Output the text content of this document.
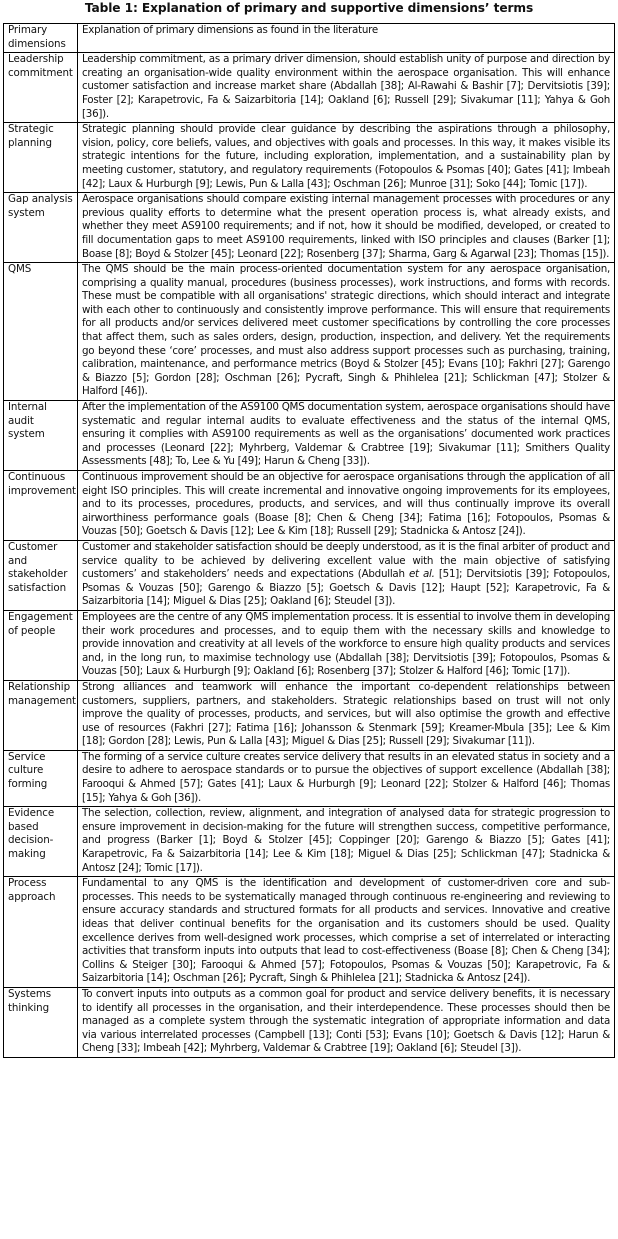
Table 1: Explanation of primary and supportive dimensions’ terms
Primary dimensions	Explanation of primary dimensions as found in the literature
Leadership commitment	Leadership commitment, as a primary driver dimension, should establish unity of purpose and direction by creating an organisation-wide quality environment within the aerospace organisation. This will enhance customer satisfaction and increase market share (Abdallah [38]; Al-Rawahi & Bashir [7]; Dervitsiotis [39]; Foster [2]; Karapetrovic, Fa & Saizarbitoria [14]; Oakland [6]; Russell [29]; Sivakumar [11]; Yahya & Goh [36]).
Strategic planning	Strategic planning should provide clear guidance by describing the aspirations through a philosophy, vision, policy, core beliefs, values, and objectives with goals and processes. In this way, it makes visible its strategic intentions for the future, including exploration, implementation, and a sustainability plan by meeting customer, statutory, and regulatory requirements (Fotopoulos & Psomas [40]; Gates [41]; Imbeah [42]; Laux & Hurburgh [9]; Lewis, Pun & Lalla [43]; Oschman [26]; Munroe [31]; Soko [44]; Tomic [17]).
Gap analysis system	Aerospace organisations should compare existing internal management processes with procedures or any previous quality efforts to determine what the present operation process is, what already exists, and whether they meet AS9100 requirements; and if not, how it should be modified, developed, or created to fill documentation gaps to meet AS9100 requirements, linked with ISO principles and clauses (Barker [1]; Boase [8]; Boyd & Stolzer [45]; Leonard [22]; Rosenberg [37]; Sharma, Garg & Agarwal [23]; Thomas [15]).
QMS	The QMS should be the main process-oriented documentation system for any aerospace organisation, comprising a quality manual, procedures (business processes), work instructions, and forms with records. These must be compatible with all organisations' strategic directions, which should interact and integrate with each other to continuously and consistently improve performance. This will ensure that requirements for all products and/or services delivered meet customer specifications by controlling the core processes that affect them, such as sales orders, design, production, inspection, and delivery. Yet the requirements go beyond these ‘core’ processes, and must also address support processes such as purchasing, training, calibration, maintenance, and performance metrics (Boyd & Stolzer [45]; Evans [10]; Fakhri [27]; Garengo & Biazzo [5]; Gordon [28]; Oschman [26]; Pycraft, Singh & Phihlelea [21]; Schlickman [47]; Stolzer & Halford [46]).
Internal audit system	After the implementation of the AS9100 QMS documentation system, aerospace organisations should have systematic and regular internal audits to evaluate effectiveness and the status of the internal QMS, ensuring it complies with AS9100 requirements as well as the organisations’ documented work practices and processes (Leonard [22]; Myhrberg, Valdemar & Crabtree [19]; Sivakumar [11]; Smithers Quality Assessments [48]; To, Lee & Yu [49]; Harun & Cheng [33]).
Continuous improvement	Continuous improvement should be an objective for aerospace organisations through the application of all eight ISO principles. This will create incremental and innovative ongoing improvements for its employees, and to its processes, procedures, products, and services, and will thus continually improve its overall airworthiness performance goals (Boase [8]; Chen & Cheng [34]; Fatima [16]; Fotopoulos, Psomas & Vouzas [50]; Goetsch & Davis [12]; Lee & Kim [18]; Russell [29]; Stadnicka & Antosz [24]).
Customer and stakeholder satisfaction	Customer and stakeholder satisfaction should be deeply understood, as it is the final arbiter of product and service quality to be achieved by delivering excellent value with the main objective of satisfying customers’ and stakeholders’ needs and expectations (Abdullah et al. [51]; Dervitsiotis [39]; Fotopoulos, Psomas & Vouzas [50]; Garengo & Biazzo [5]; Goetsch & Davis [12]; Haupt [52]; Karapetrovic, Fa & Saizarbitoria [14]; Miguel & Dias [25]; Oakland [6]; Steudel [3]).
Engagement of people	Employees are the centre of any QMS implementation process. It is essential to involve them in developing their work procedures and processes, and to equip them with the necessary skills and knowledge to provide innovation and creativity at all levels of the workforce to ensure high quality products and services and, in the long run, to maximise technology use (Abdallah [38]; Dervitsiotis [39]; Fotopoulos, Psomas & Vouzas [50]; Laux & Hurburgh [9]; Oakland [6]; Rosenberg [37]; Stolzer & Halford [46]; Tomic [17]).
Relationship management	Strong alliances and teamwork will enhance the important co-dependent relationships between customers, suppliers, partners, and stakeholders. Strategic relationships based on trust will not only improve the quality of processes, products, and services, but will also optimise the growth and effective use of resources (Fakhri [27]; Fatima [16]; Johansson & Stenmark [59]; Kreamer-Mbula [35]; Lee & Kim [18]; Gordon [28]; Lewis, Pun & Lalla [43]; Miguel & Dias [25]; Russell [29]; Sivakumar [11]).
Service culture forming	The forming of a service culture creates service delivery that results in an elevated status in society and a desire to adhere to aerospace standards or to pursue the objectives of support excellence (Abdallah [38]; Farooqui & Ahmed [57]; Gates [41]; Laux & Hurburgh [9]; Leonard [22]; Stolzer & Halford [46]; Thomas [15]; Yahya & Goh [36]).
Evidence based decision-making	The selection, collection, review, alignment, and integration of analysed data for strategic progression to ensure improvement in decision-making for the future will strengthen success, competitive performance, and progress (Barker [1]; Boyd & Stolzer [45]; Coppinger [20]; Garengo & Biazzo [5]; Gates [41]; Karapetrovic, Fa & Saizarbitoria [14]; Lee & Kim [18]; Miguel & Dias [25]; Schlickman [47]; Stadnicka & Antosz [24]; Tomic [17]).
Process approach	Fundamental to any QMS is the identification and development of customer-driven core and sub-processes. This needs to be systematically managed through continuous re-engineering and reviewing to ensure accuracy standards and structured formats for all products and services. Innovative and creative ideas that deliver continual benefits for the organisation and its customers should be used. Quality excellence derives from well-designed work processes, which comprise a set of interrelated or interacting activities that transform inputs into outputs that lead to cost-effectiveness (Boase [8]; Chen & Cheng [34]; Collins & Steiger [30]; Farooqui & Ahmed [57]; Fotopoulos, Psomas & Vouzas [50]; Karapetrovic, Fa & Saizarbitoria [14]; Oschman [26]; Pycraft, Singh & Phihlelea [21]; Stadnicka & Antosz [24]).
Systems thinking	To convert inputs into outputs as a common goal for product and service delivery benefits, it is necessary to identify all processes in the organisation, and their interdependence. These processes should then be managed as a complete system through the systematic integration of appropriate information and data via various interrelated processes (Campbell [13]; Conti [53]; Evans [10]; Goetsch & Davis [12]; Harun & Cheng [33]; Imbeah [42]; Myhrberg, Valdemar & Crabtree [19]; Oakland [6]; Steudel [3]).
